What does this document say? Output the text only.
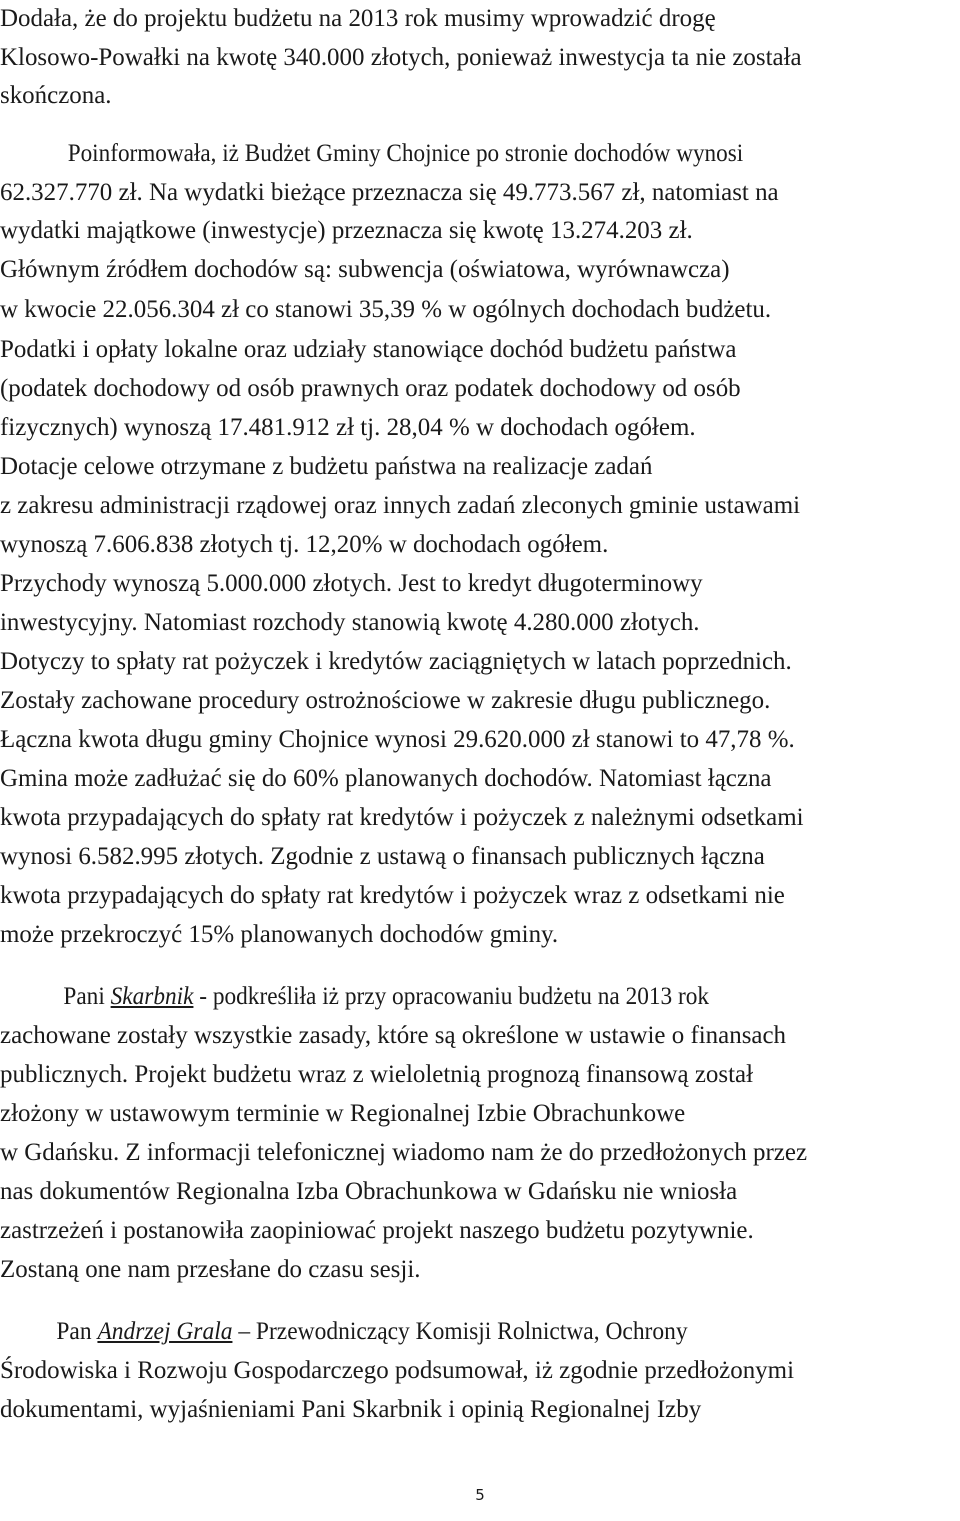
Dodała, że do projektu budżetu na 2013 rok musimy wprowadzić drogę
Klosowo-Powałki na kwotę 340.000 złotych, ponieważ inwestycja ta nie została
skończona.
Poinformowała, iż Budżet Gminy Chojnice po stronie dochodów wynosi
62.327.770 zł. Na wydatki bieżące przeznacza się 49.773.567 zł, natomiast na
wydatki majątkowe (inwestycje) przeznacza się kwotę 13.274.203 zł.
Głównym źródłem dochodów są: subwencja (oświatowa, wyrównawcza)
w kwocie 22.056.304 zł co stanowi 35,39 % w ogólnych dochodach budżetu.
Podatki i opłaty lokalne oraz udziały stanowiące dochód budżetu państwa
(podatek dochodowy od osób prawnych oraz podatek dochodowy od osób
fizycznych) wynoszą 17.481.912 zł tj. 28,04 % w dochodach ogółem.
Dotacje celowe otrzymane z budżetu państwa na realizacje zadań
z zakresu administracji rządowej oraz innych zadań zleconych gminie ustawami
wynoszą 7.606.838 złotych tj. 12,20% w dochodach ogółem.
Przychody wynoszą 5.000.000 złotych. Jest to kredyt długoterminowy
inwestycyjny. Natomiast rozchody stanowią kwotę 4.280.000 złotych.
Dotyczy to spłaty rat pożyczek i kredytów zaciągniętych w latach poprzednich.
Zostały zachowane procedury ostrożnościowe w zakresie długu publicznego.
Łączna kwota długu gminy Chojnice wynosi 29.620.000 zł stanowi to 47,78 %.
Gmina może zadłużać się do 60% planowanych dochodów. Natomiast łączna
kwota przypadających do spłaty rat kredytów i pożyczek z należnymi odsetkami
wynosi 6.582.995 złotych. Zgodnie z ustawą o finansach publicznych łączna
kwota przypadających do spłaty rat kredytów i pożyczek wraz z odsetkami nie
może przekroczyć 15% planowanych dochodów gminy.
Pani Skarbnik - podkreśliła iż przy opracowaniu budżetu na 2013 rok
zachowane zostały wszystkie zasady, które są określone w ustawie o finansach
publicznych. Projekt budżetu wraz z wieloletnią prognozą finansową został
złożony w ustawowym terminie w Regionalnej Izbie Obrachunkowe
w Gdańsku. Z informacji telefonicznej wiadomo nam że do przedłożonych przez
nas dokumentów Regionalna Izba Obrachunkowa w Gdańsku nie wniosła
zastrzeżeń i postanowiła zaopiniować projekt naszego budżetu pozytywnie.
Zostaną one nam przesłane do czasu sesji.
Pan Andrzej Grala – Przewodniczący Komisji Rolnictwa, Ochrony
Środowiska i Rozwoju Gospodarczego podsumował, iż zgodnie przedłożonymi
dokumentami, wyjaśnieniami Pani Skarbnik i opinią Regionalnej Izby
5
